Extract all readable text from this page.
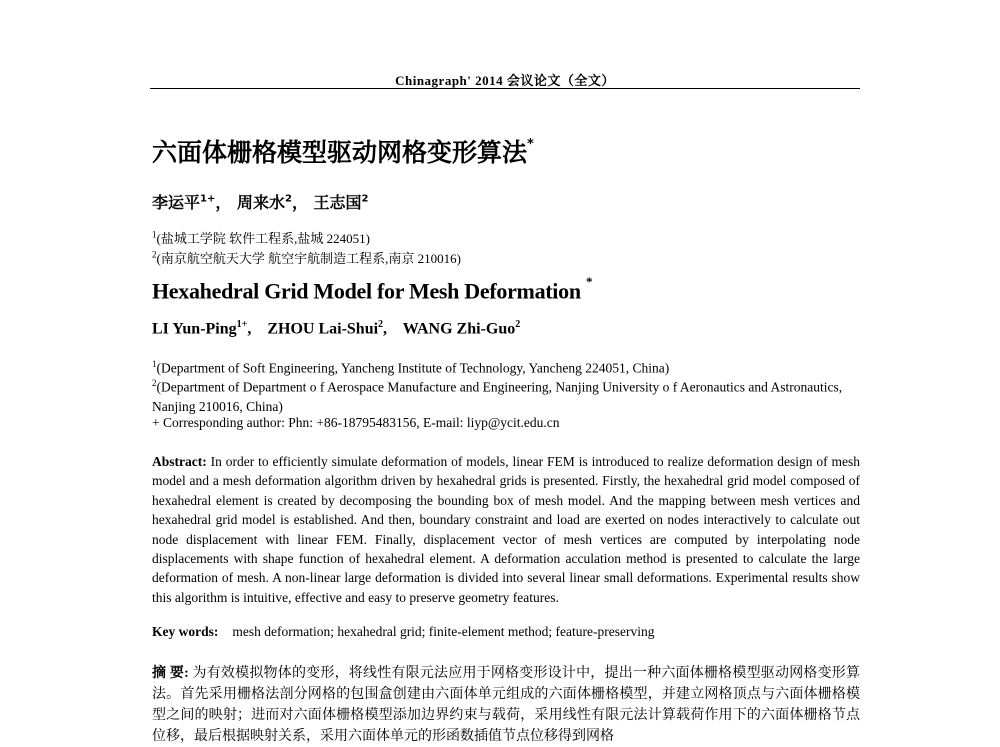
Chinagraph' 2014 会议论文（全文）
六面体栅格模型驱动网格变形算法*
李运平$^{1+}$， 周来水$^2$， 王志国$^2$
$^1$(盐城工学院 软件工程系,盐城 224051)
$^2$(南京航空航天大学 航空宇航制造工程系,南京 210016)
Hexahedral Grid Model for Mesh Deformation *
LI Yun-Ping$^{1+}$, ZHOU Lai-Shui$^2$, WANG Zhi-Guo$^2$
$^1$(Department of Soft Engineering, Yancheng Institute of Technology, Yancheng 224051, China)
$^2$(Department of Department o f Aerospace Manufacture and Engineering, Nanjing University o f Aeronautics and Astronautics, Nanjing 210016, China)
+ Corresponding author: Phn: +86-18795483156, E-mail: liyp@ycit.edu.cn
Abstract: In order to efficiently simulate deformation of models, linear FEM is introduced to realize deformation design of mesh model and a mesh deformation algorithm driven by hexahedral grids is presented. Firstly, the hexahedral grid model composed of hexahedral element is created by decomposing the bounding box of mesh model. And the mapping between mesh vertices and hexahedral grid model is established. And then, boundary constraint and load are exerted on nodes interactively to calculate out node displacement with linear FEM. Finally, displacement vector of mesh vertices are computed by interpolating node displacements with shape function of hexahedral element. A deformation acculation method is presented to calculate the large deformation of mesh. A non-linear large deformation is divided into several linear small deformations. Experimental results show this algorithm is intuitive, effective and easy to preserve geometry features.
Key words: mesh deformation; hexahedral grid; finite-element method; feature-preserving
摘 要: 为有效模拟物体的变形，将线性有限元法应用于网格变形设计中，提出一种六面体栅格模型驱动网格变形算法。首先采用栅格法剖分网格的包围盒创建由六面体单元组成的六面体栅格模型，并建立网格顶点与六面体栅格模型之间的映射；进而对六面体栅格模型添加边界约束与载荷，采用线性有限元法计算载荷作用下的六面体栅格节点位移，最后根据映射关系，采用六面体单元的形函数插值节点位移得到网格
